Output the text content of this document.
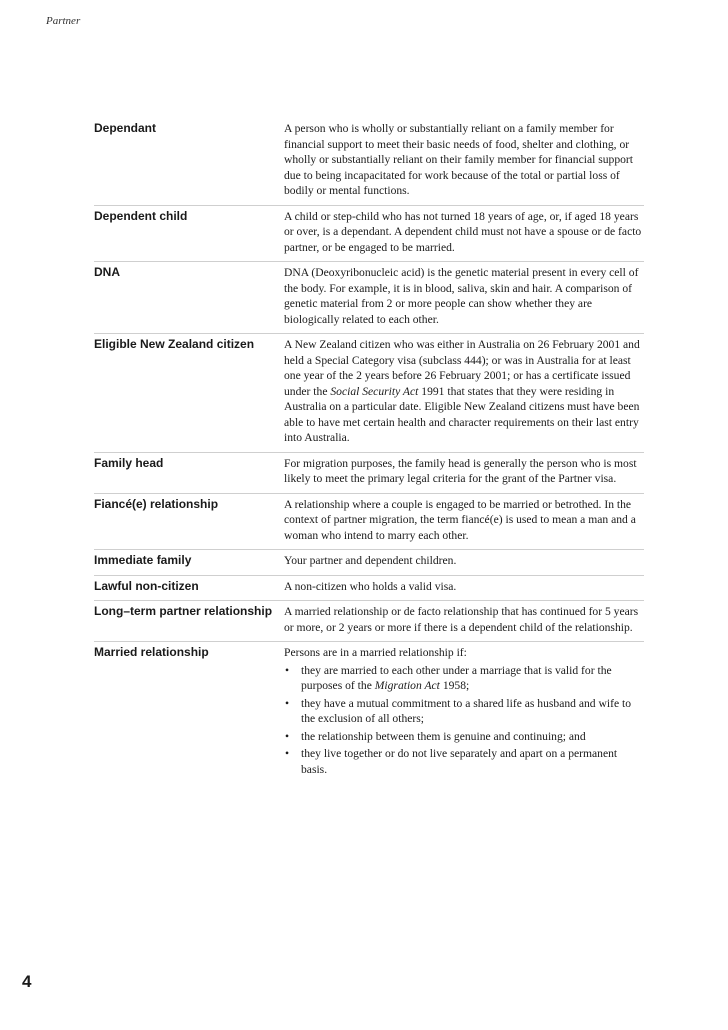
Partner
Dependant	A person who is wholly or substantially reliant on a family member for financial support to meet their basic needs of food, shelter and clothing, or wholly or substantially reliant on their family member for financial support due to being incapacitated for work because of the total or partial loss of bodily or mental functions.
Dependent child	A child or step-child who has not turned 18 years of age, or, if aged 18 years or over, is a dependant. A dependent child must not have a spouse or de facto partner, or be engaged to be married.
DNA	DNA (Deoxyribonucleic acid) is the genetic material present in every cell of the body. For example, it is in blood, saliva, skin and hair. A comparison of genetic material from 2 or more people can show whether they are biologically related to each other.
Eligible New Zealand citizen	A New Zealand citizen who was either in Australia on 26 February 2001 and held a Special Category visa (subclass 444); or was in Australia for at least one year of the 2 years before 26 February 2001; or has a certificate issued under the Social Security Act 1991 that states that they were residing in Australia on a particular date. Eligible New Zealand citizens must have been able to have met certain health and character requirements on their last entry into Australia.
Family head	For migration purposes, the family head is generally the person who is most likely to meet the primary legal criteria for the grant of the Partner visa.
Fiancé(e) relationship	A relationship where a couple is engaged to be married or betrothed. In the context of partner migration, the term fiancé(e) is used to mean a man and a woman who intend to marry each other.
Immediate family	Your partner and dependent children.
Lawful non-citizen	A non-citizen who holds a valid visa.
Long–term partner relationship	A married relationship or de facto relationship that has continued for 5 years or more, or 2 years or more if there is a dependent child of the relationship.
Married relationship	Persons are in a married relationship if:
• they are married to each other under a marriage that is valid for the purposes of the Migration Act 1958;
• they have a mutual commitment to a shared life as husband and wife to the exclusion of all others;
• the relationship between them is genuine and continuing; and
• they live together or do not live separately and apart on a permanent basis.
4
